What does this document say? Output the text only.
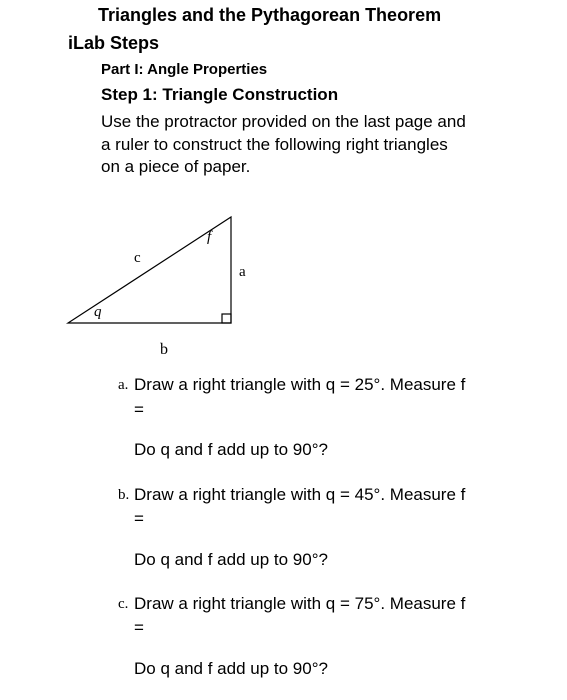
Triangles and the Pythagorean Theorem
iLab Steps
Part I: Angle Properties
Step 1: Triangle Construction
Use the protractor provided on the last page and
a ruler to construct the following right triangles
on a piece of paper.
c
f
a
q
b
a. Draw a right triangle with q = 25°. Measure f
=
Do q and f add up to 90°?
b. Draw a right triangle with q = 45°. Measure f
=
Do q and f add up to 90°?
c. Draw a right triangle with q = 75°. Measure f
=
Do q and f add up to 90°?
